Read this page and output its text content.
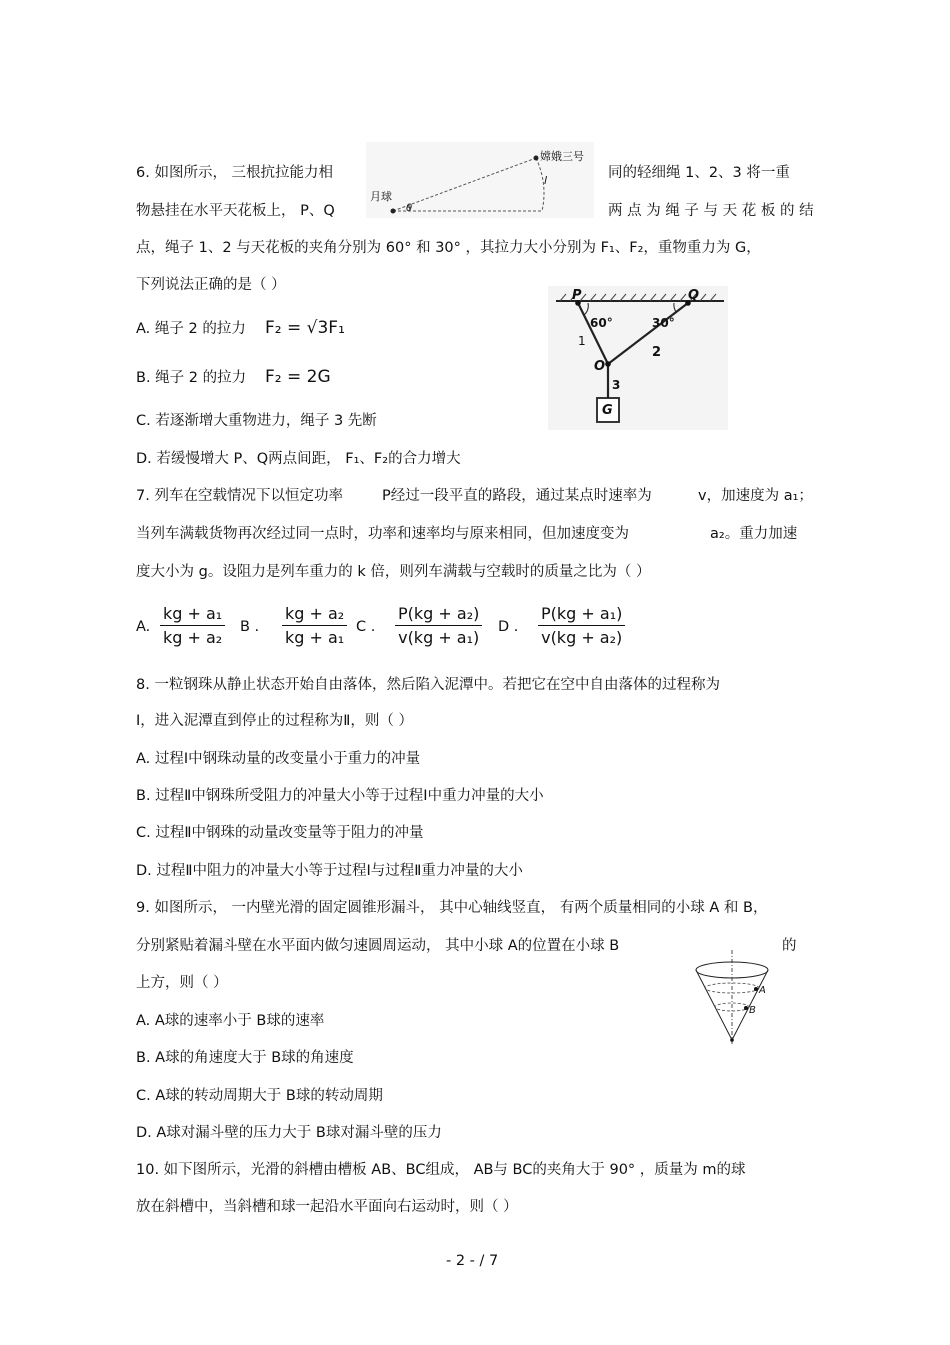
6. 如图所示， 三根抗拉能力相	同的轻细绳 1、2、3 将一重
物悬挂在水平天花板上， P、Q	两 点 为 绳 子 与 天 花 板 的 结
点，绳子 1、2 与天花板的夹角分别为 60° 和 30° ，其拉力大小分别为 F₁、F₂，重物重力为 G，
下列说法正确的是（ ）
月球
嫦娥三号
l
θ
P	Q
60°	30°
1
2
3
O
G
A. 绳子 2 的拉力 F₂ = √3F₁
B. 绳子 2 的拉力 F₂ = 2G
C. 若逐渐增大重物进力，绳子 3 先断
D. 若缓慢增大 P、Q两点间距， F₁、F₂的合力增大
7. 列车在空载情况下以恒定功率	P经过一段平直的路段，通过某点时速率为	v，加速度为 a₁；
当列车满载货物再次经过同一点时，功率和速率均与原来相同，但加速度变为	a₂。重力加速
度大小为 g。设阻力是列车重力的 k 倍，则列车满载与空载时的质量之比为（ ）
A. $\frac{\text{kg + a₁}}{\text{kg + a₂}}$ B . $\frac{\text{kg + a₂}}{\text{kg + a₁}}$ C . $\frac{\text{P(kg + a₂)}}{\text{v(kg + a₁)}}$ D . $\frac{\text{P(kg + a₁)}}{\text{v(kg + a₂)}}$
8. 一粒钢珠从静止状态开始自由落体，然后陷入泥潭中。若把它在空中自由落体的过程称为
Ⅰ，进入泥潭直到停止的过程称为Ⅱ，则（ ）
A. 过程Ⅰ中钢珠动量的改变量小于重力的冲量
B. 过程Ⅱ中钢珠所受阻力的冲量大小等于过程Ⅰ中重力冲量的大小
C. 过程Ⅱ中钢珠的动量改变量等于阻力的冲量
D. 过程Ⅱ中阻力的冲量大小等于过程Ⅰ与过程Ⅱ重力冲量的大小
9. 如图所示， 一内壁光滑的固定圆锥形漏斗， 其中心轴线竖直， 有两个质量相同的小球 A 和 B，
分别紧贴着漏斗壁在水平面内做匀速圆周运动， 其中小球 A的位置在小球 B	的
上方，则（ ）	A
B
A. A球的速率小于 B球的速率
B. A球的角速度大于 B球的角速度
C. A球的转动周期大于 B球的转动周期
D. A球对漏斗壁的压力大于 B球对漏斗壁的压力
10. 如下图所示，光滑的斜槽由槽板 AB、BC组成， AB与 BC的夹角大于 90° ，质量为 m的球
放在斜槽中，当斜槽和球一起沿水平面向右运动时，则（ ）
- 2 - / 7
